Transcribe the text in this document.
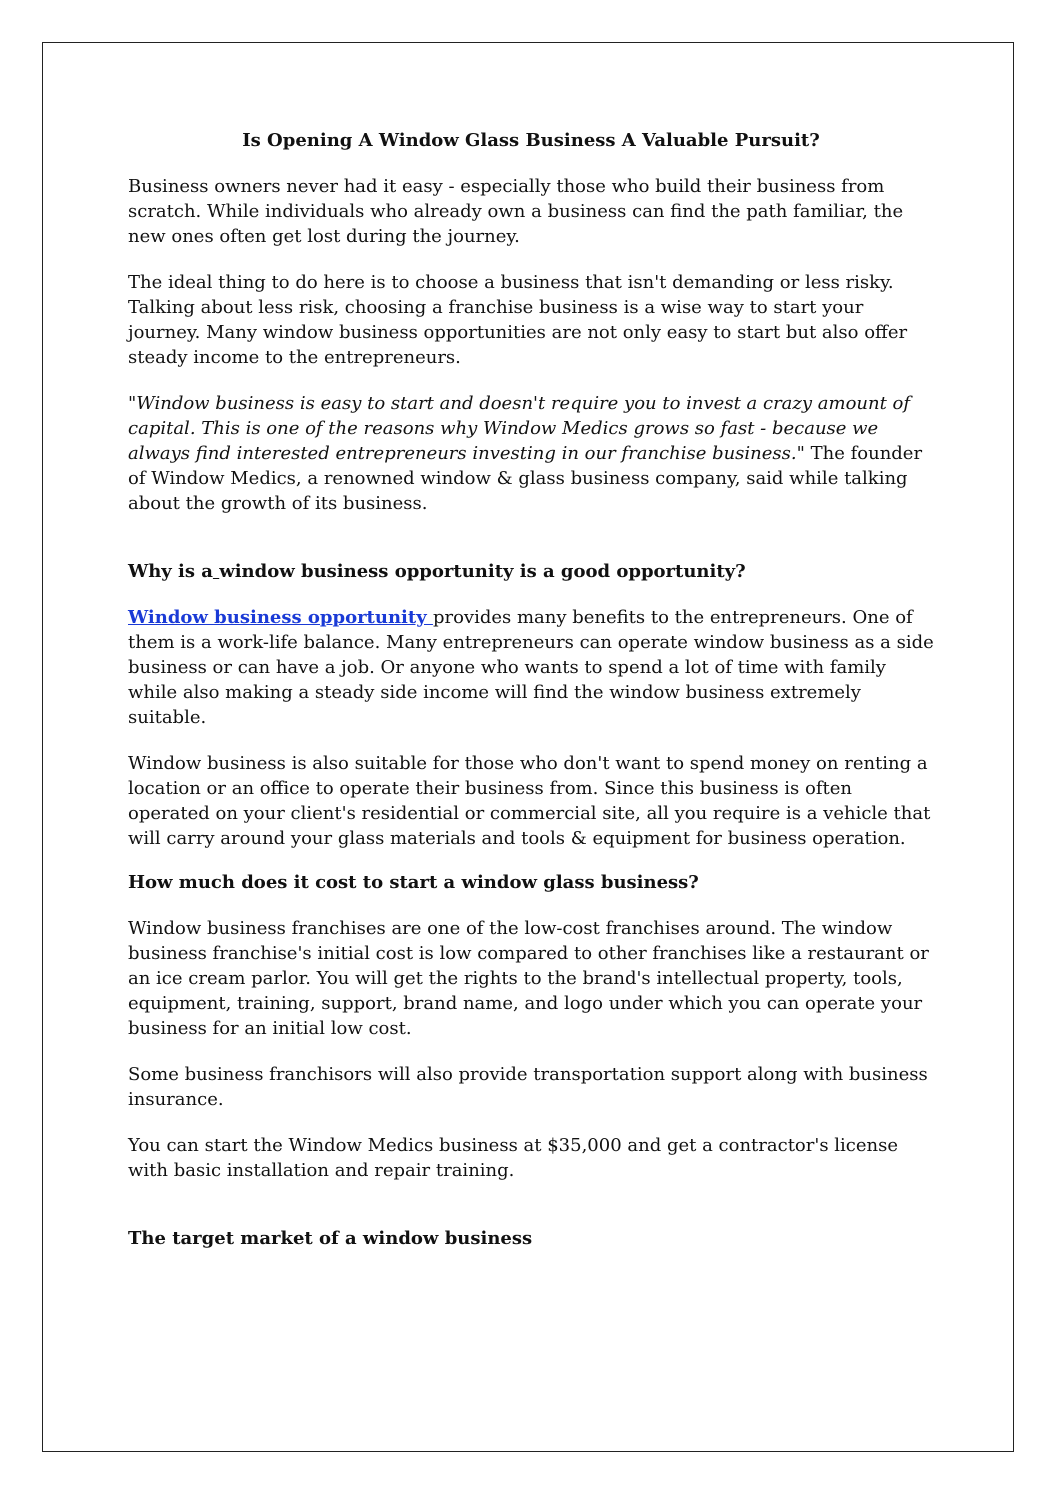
Is Opening A Window Glass Business A Valuable Pursuit?

Business owners never had it easy - especially those who build their business from scratch. While individuals who already own a business can find the path familiar, the new ones often get lost during the journey.

The ideal thing to do here is to choose a business that isn't demanding or less risky. Talking about less risk, choosing a franchise business is a wise way to start your journey. Many window business opportunities are not only easy to start but also offer steady income to the entrepreneurs.

"Window business is easy to start and doesn't require you to invest a crazy amount of capital. This is one of the reasons why Window Medics grows so fast - because we always find interested entrepreneurs investing in our franchise business." The founder of Window Medics, a renowned window & glass business company, said while talking about the growth of its business.

Why is a window business opportunity is a good opportunity?

Window business opportunity provides many benefits to the entrepreneurs. One of them is a work-life balance. Many entrepreneurs can operate window business as a side business or can have a job. Or anyone who wants to spend a lot of time with family while also making a steady side income will find the window business extremely suitable.

Window business is also suitable for those who don't want to spend money on renting a location or an office to operate their business from. Since this business is often operated on your client's residential or commercial site, all you require is a vehicle that will carry around your glass materials and tools & equipment for business operation.

How much does it cost to start a window glass business?

Window business franchises are one of the low-cost franchises around. The window business franchise's initial cost is low compared to other franchises like a restaurant or an ice cream parlor. You will get the rights to the brand's intellectual property, tools, equipment, training, support, brand name, and logo under which you can operate your business for an initial low cost.

Some business franchisors will also provide transportation support along with business insurance.

You can start the Window Medics business at $35,000 and get a contractor's license with basic installation and repair training.

The target market of a window business
